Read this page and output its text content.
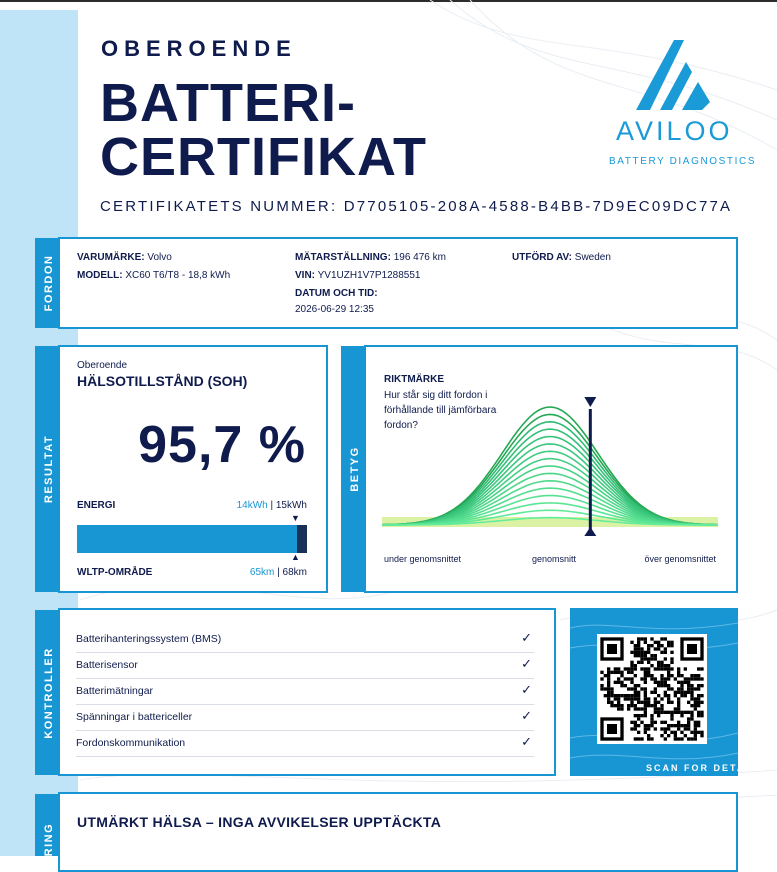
OBEROENDE
BATTERI-
CERTIFIKAT
CERTIFIKATETS NUMMER: D7705105-208A-4588-B4BB-7D9EC09DC77A
AVILOO
BATTERY DIAGNOSTICS
FORDON VARUMÄRKE: Volvo
MODELL: XC60 T6/T8 - 18,8 kWh
MÄTARSTÄLLNING: 196 476 km
VIN: YV1UZH1V7P1288551
DATUM OCH TID:
2026-06-29 12:35
UTFÖRD AV: Sweden
RESULTAT
Oberoende
HÄLSOTILLSTÅND (SOH)
95,7 %
ENERGI	14kWh | 15kWh
▼
▲
WLTP-OMRÅDE	65km | 68km
BETYG
RIKTMÄRKE
Hur står sig ditt fordon i förhållande till jämförbara fordon?
under genomsnittet	genomsnitt	över genomsnittet
KONTROLLER
Batterihanteringssystem (BMS)	✓
Batterisensor	✓
Batterimätningar	✓
Spänningar i battericeller	✓
Fordonskommunikation	✓
SCAN FOR DETAILS
ERING
UTMÄRKT HÄLSA – INGA AVVIKELSER UPPTÄCKTA
